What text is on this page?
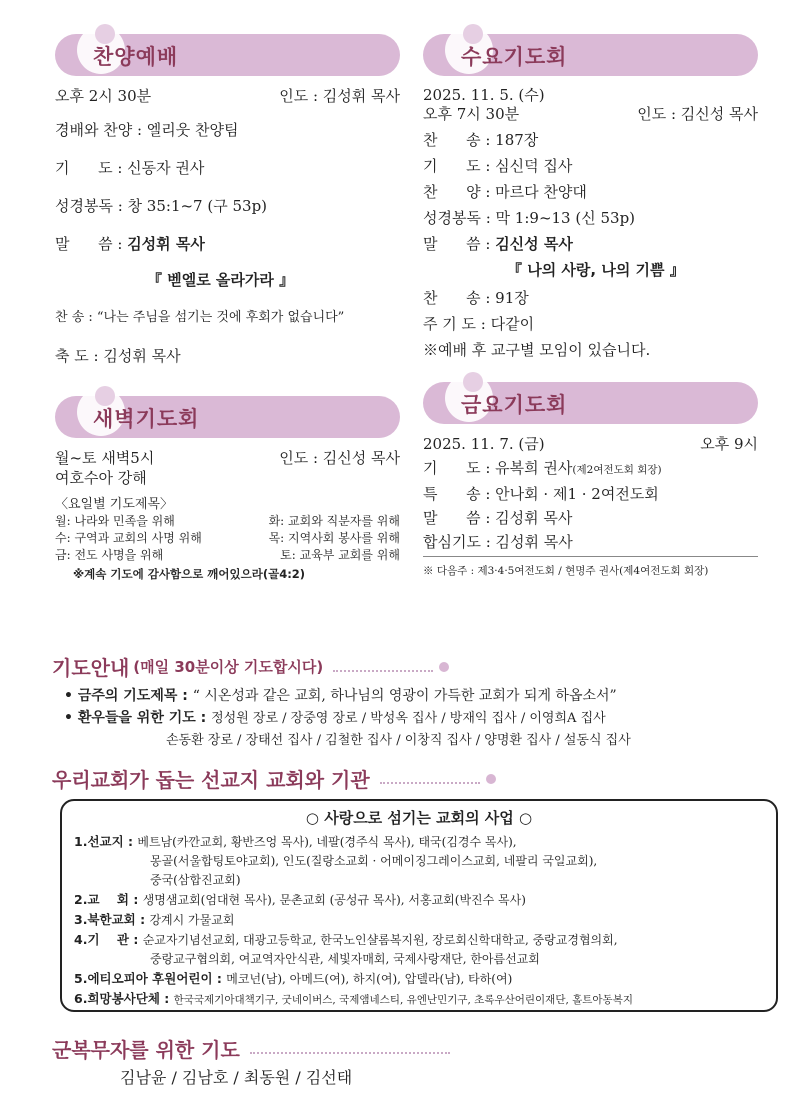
찬양예배
오후 2시 30분	인도 : 김성휘 목사
경배와 찬양 : 엘리웃 찬양팀
기      도 : 신동자 권사
성경봉독 : 창 35:1~7 (구 53p)
말      씀 : 김성휘 목사
『 벧엘로 올라가라 』
찬 송 : “나는 주님을 섬기는 것에 후회가 없습니다”
축 도 : 김성휘 목사
새벽기도회
월~토 새벽5시	인도 : 김신성 목사
여호수아 강해
〈요일별 기도제목〉
월: 나라와 민족을 위해	화: 교회와 직분자를 위해
수: 구역과 교회의 사명 위해	목: 지역사회 봉사를 위해
금: 전도 사명을 위해	토: 교육부 교회를 위해
※계속 기도에 감사함으로 깨어있으라(골4:2)
수요기도회
2025. 11. 5. (수)
오후 7시 30분	인도 : 김신성 목사
찬      송 : 187장
기      도 : 심신덕 집사
찬      양 : 마르다 찬양대
성경봉독 : 막 1:9~13 (신 53p)
말      씀 : 김신성 목사
『 나의 사랑, 나의 기쁨 』
찬      송 : 91장
주 기 도 : 다같이
※예배 후 교구별 모임이 있습니다.
금요기도회
2025. 11. 7. (금)	오후 9시
기      도 : 유복희 권사(제2여전도회 회장)
특      송 : 안나회 · 제1 · 2여전도회
말      씀 : 김성휘 목사
합심기도 : 김성휘 목사
※ 다음주 : 제3·4·5여전도회 / 현명주 권사(제4여전도회 회장)
기도안내 (매일 30분이상 기도합시다)
• 금주의 기도제목 : “ 시온성과 같은 교회, 하나님의 영광이 가득한 교회가 되게 하옵소서”
• 환우들을 위한 기도 : 정성원 장로 / 장중영 장로 / 박성옥 집사 / 방재익 집사 / 이영희A 집사
손동환 장로 / 장태선 집사 / 김철한 집사 / 이창직 집사 / 양명환 집사 / 설동식 집사
우리교회가 돕는 선교지 교회와 기관
○ 사랑으로 섬기는 교회의 사업 ○
1.선교지 : 베트남(카깐교회, 황반즈엉 목사), 네팔(경주식 목사), 태국(김경수 목사),
몽골(서울합팅토야교회), 인도(질랑소교회 · 어메이징그레이스교회, 네팔리 국일교회),
중국(삼합진교회)
2.교    회 : 생명샘교회(엄대현 목사), 문촌교회 (공성규 목사), 서홍교회(박진수 목사)
3.북한교회 : 강계시 가물교회
4.기    관 : 순교자기념선교회, 대광고등학교, 한국노인샬롬복지원, 장로회신학대학교, 중랑교경협의회,
중랑교구협의회, 여교역자안식관, 세빛자매회, 국제사랑재단, 한아름선교회
5.에티오피아 후원어린이 : 메코넌(남), 아메드(여), 하지(여), 압델라(남), 타하(여)
6.희망봉사단체 : 한국국제기아대책기구, 굿네이버스, 국제앰네스티, 유엔난민기구, 초록우산어린이재단, 홀트아동복지
군복무자를 위한 기도
김남윤 / 김남호 / 최동원 / 김선태
